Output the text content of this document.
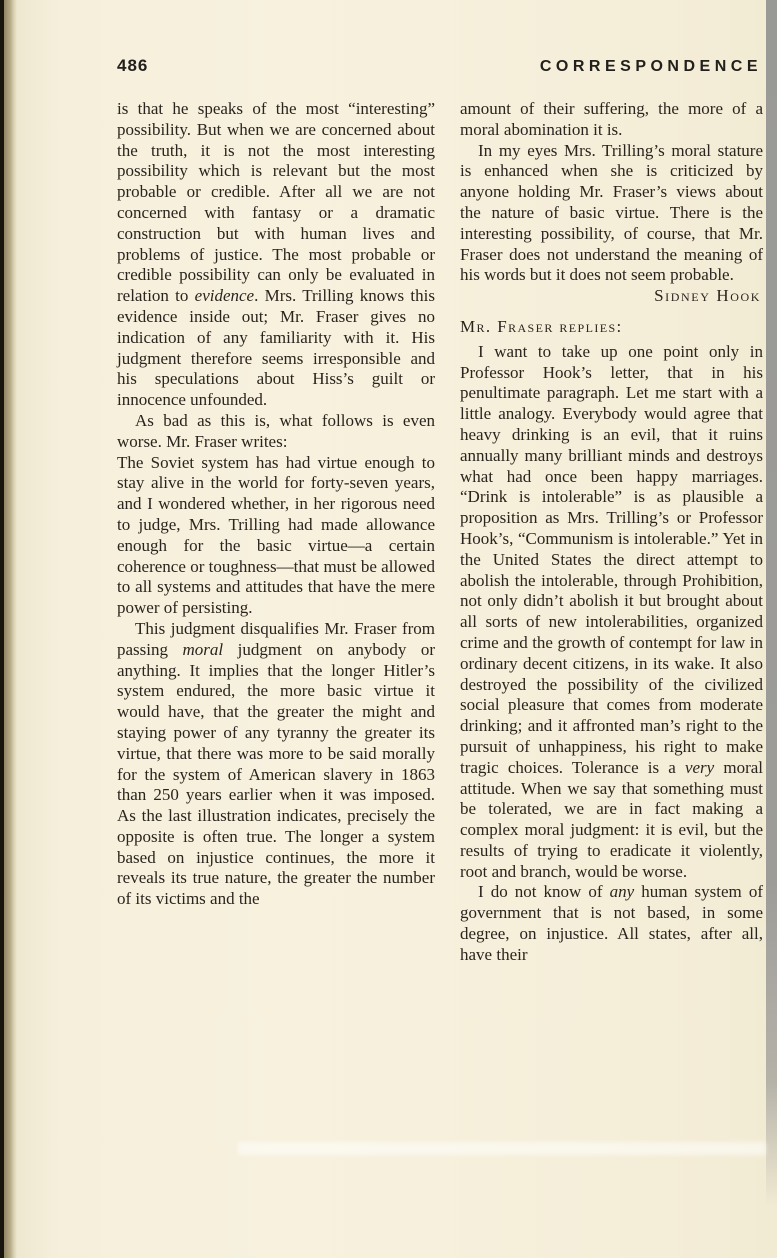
486	CORRESPONDENCE

is that he speaks of the most “interesting” possibility. But when we are concerned about the truth, it is not the most interesting possibility which is relevant but the most probable or credible. After all we are not concerned with fantasy or a dramatic construction but with human lives and problems of justice. The most probable or credible possibility can only be evaluated in relation to evidence. Mrs. Trilling knows this evidence inside out; Mr. Fraser gives no indication of any familiarity with it. His judgment therefore seems irresponsible and his speculations about Hiss’s guilt or innocence unfounded.

As bad as this is, what follows is even worse. Mr. Fraser writes:

The Soviet system has had virtue enough to stay alive in the world for forty-seven years, and I wondered whether, in her rigorous need to judge, Mrs. Trilling had made allowance enough for the basic virtue—a certain coherence or toughness—that must be allowed to all systems and attitudes that have the mere power of persisting.

This judgment disqualifies Mr. Fraser from passing moral judgment on anybody or anything. It implies that the longer Hitler’s system endured, the more basic virtue it would have, that the greater the might and staying power of any tyranny the greater its virtue, that there was more to be said morally for the system of American slavery in 1863 than 250 years earlier when it was imposed. As the last illustration indicates, precisely the opposite is often true. The longer a system based on injustice continues, the more it reveals its true nature, the greater the number of its victims and the

amount of their suffering, the more of a moral abomination it is.

In my eyes Mrs. Trilling’s moral stature is enhanced when she is criticized by anyone holding Mr. Fraser’s views about the nature of basic virtue. There is the interesting possibility, of course, that Mr. Fraser does not understand the meaning of his words but it does not seem probable.

Sidney Hook

Mr. Fraser replies:

I want to take up one point only in Professor Hook’s letter, that in his penultimate paragraph. Let me start with a little analogy. Everybody would agree that heavy drinking is an evil, that it ruins annually many brilliant minds and destroys what had once been happy marriages. “Drink is intolerable” is as plausible a proposition as Mrs. Trilling’s or Professor Hook’s, “Communism is intolerable.” Yet in the United States the direct attempt to abolish the intolerable, through Prohibition, not only didn’t abolish it but brought about all sorts of new intolerabilities, organized crime and the growth of contempt for law in ordinary decent citizens, in its wake. It also destroyed the possibility of the civilized social pleasure that comes from moderate drinking; and it affronted man’s right to the pursuit of unhappiness, his right to make tragic choices. Tolerance is a very moral attitude. When we say that something must be tolerated, we are in fact making a complex moral judgment: it is evil, but the results of trying to eradicate it violently, root and branch, would be worse.

I do not know of any human system of government that is not based, in some degree, on injustice. All states, after all, have their
